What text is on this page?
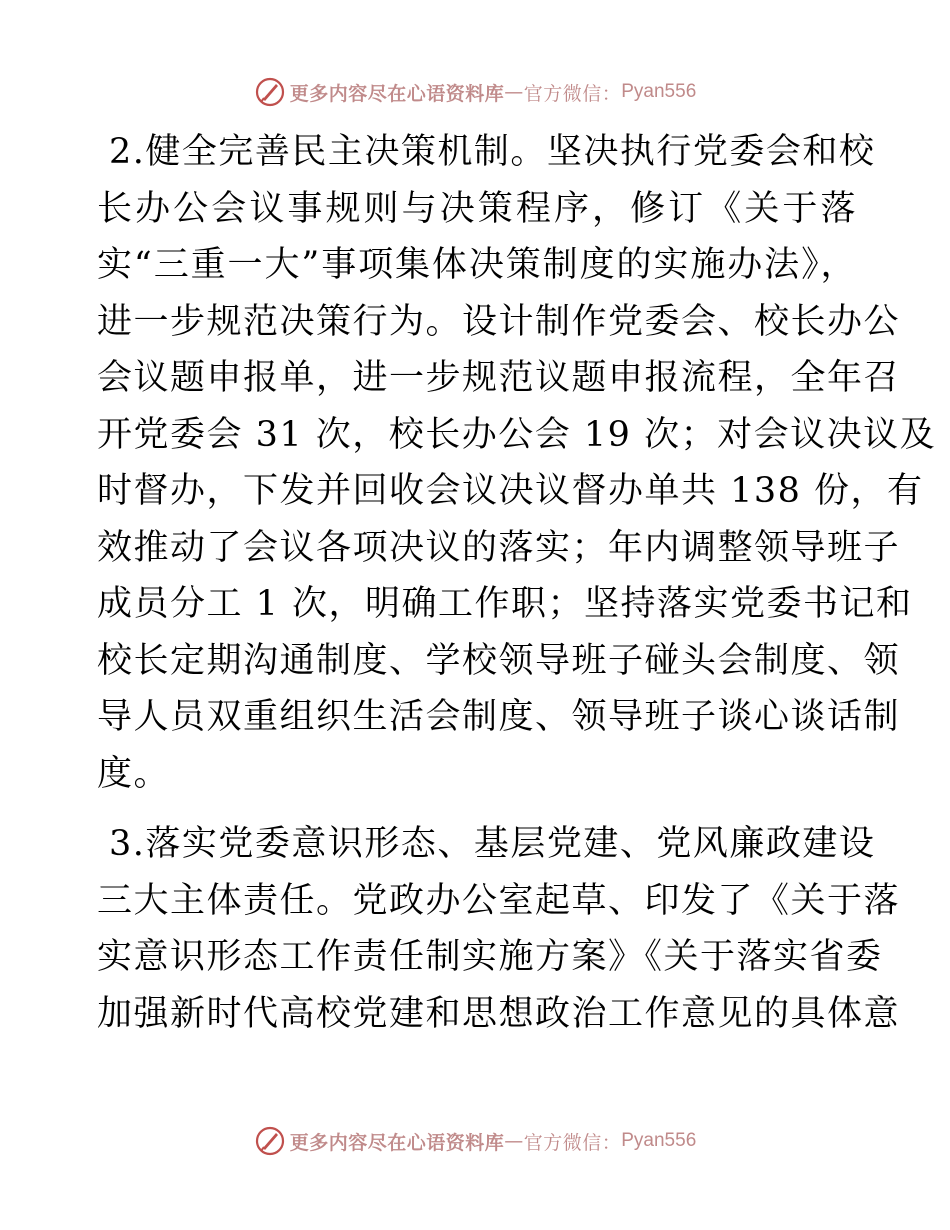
更多内容尽在心语资料库 — 官方微信： Pyan556

2.健全完善民主决策机制。坚决执行党委会和校
长办公会议事规则与决策程序，修订《关于落
实“三重一大”事项集体决策制度的实施办法》，
进一步规范决策行为。设计制作党委会、校长办公
会议题申报单，进一步规范议题申报流程，全年召
开党委会 31 次，校长办公会 19 次；对会议决议及
时督办，下发并回收会议决议督办单共 138 份，有
效推动了会议各项决议的落实；年内调整领导班子
成员分工 1 次，明确工作职；坚持落实党委书记和
校长定期沟通制度、学校领导班子碰头会制度、领
导人员双重组织生活会制度、领导班子谈心谈话制
度。

3.落实党委意识形态、基层党建、党风廉政建设
三大主体责任。党政办公室起草、印发了《关于落
实意识形态工作责任制实施方案》《关于落实省委
加强新时代高校党建和思想政治工作意见的具体意

更多内容尽在心语资料库 — 官方微信： Pyan556
